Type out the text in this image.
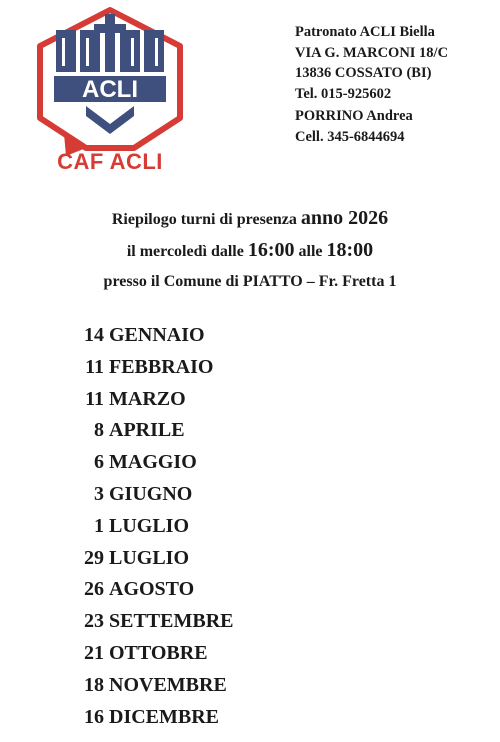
ACLI
CAF ACLI
Patronato ACLI Biella
VIA G. MARCONI 18/C
13836 COSSATO (BI)
Tel. 015-925602
PORRINO Andrea
Cell. 345-6844694
Riepilogo turni di presenza anno 2026
il mercoledì dalle 16:00 alle 18:00
presso il Comune di PIATTO – Fr. Fretta 1
14 GENNAIO
11 FEBBRAIO
11 MARZO
8 APRILE
6 MAGGIO
3 GIUGNO
1 LUGLIO
29 LUGLIO
26 AGOSTO
23 SETTEMBRE
21 OTTOBRE
18 NOVEMBRE
16 DICEMBRE
